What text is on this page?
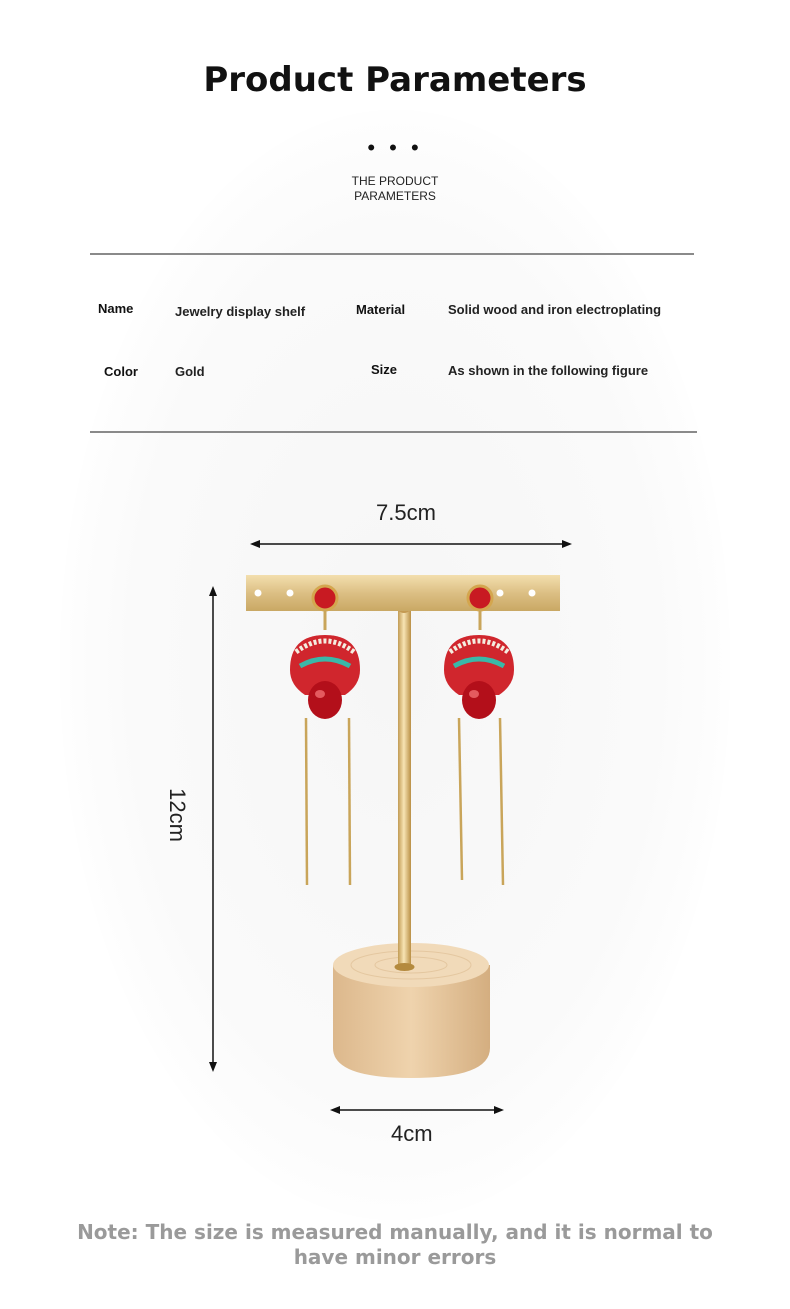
Product Parameters
• • •
THE PRODUCT
PARAMETERS
Name	Jewelry display shelf	Material	Solid wood and iron electroplating
Color	Gold	Size	As shown in the following figure
7.5cm
12cm
4cm
Note: The size is measured manually, and it is normal to have minor errors
